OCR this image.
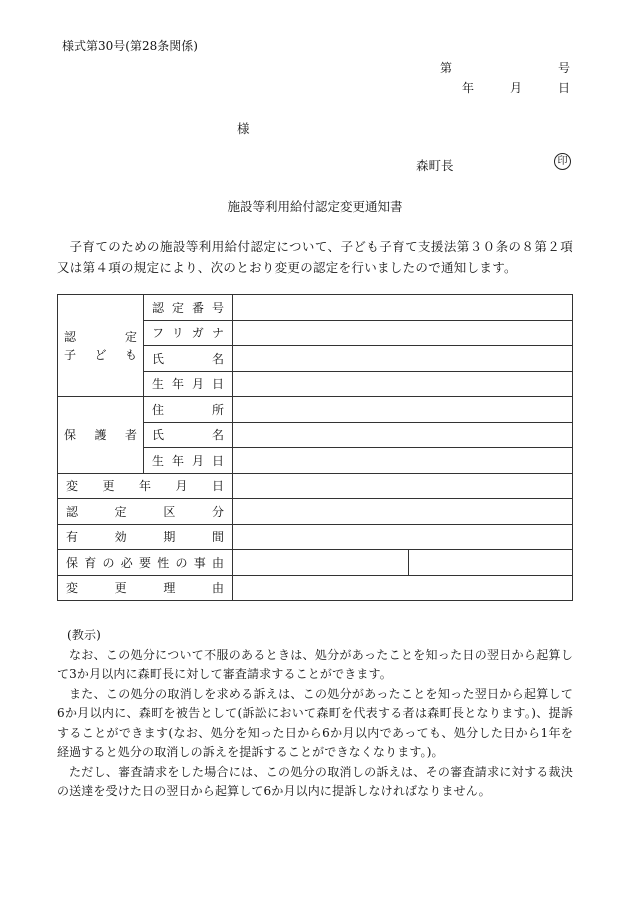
様式第30号(第28条関係)
第	号
年	月	日
様
森町長	印
施設等利用給付認定変更通知書
子育てのための施設等利用給付認定について、子ども子育て支援法第３０条の８第２項又は第４項の規定により、次のとおり変更の認定を行いましたので通知します。
認　　定
子ども	認定番号		
	フリガナ		
	氏名		
	生年月日		
保護者	住所		
	氏名		
	生年月日		
変更年月日			
認定区分			
有効期間			
保育の必要性の事由			
変更理由			
(教示)

なお、この処分について不服のあるときは、処分があったことを知った日の翌日から起算して3か月以内に森町長に対して審査請求することができます。

また、この処分の取消しを求める訴えは、この処分があったことを知った翌日から起算して6か月以内に、森町を被告として(訴訟において森町を代表する者は森町長となります。)、提訴することができます(なお、処分を知った日から6か月以内であっても、処分した日から1年を経過すると処分の取消しの訴えを提訴することができなくなります。)。

ただし、審査請求をした場合には、この処分の取消しの訴えは、その審査請求に対する裁決の送達を受けた日の翌日から起算して6か月以内に提訴しなければなりません。
